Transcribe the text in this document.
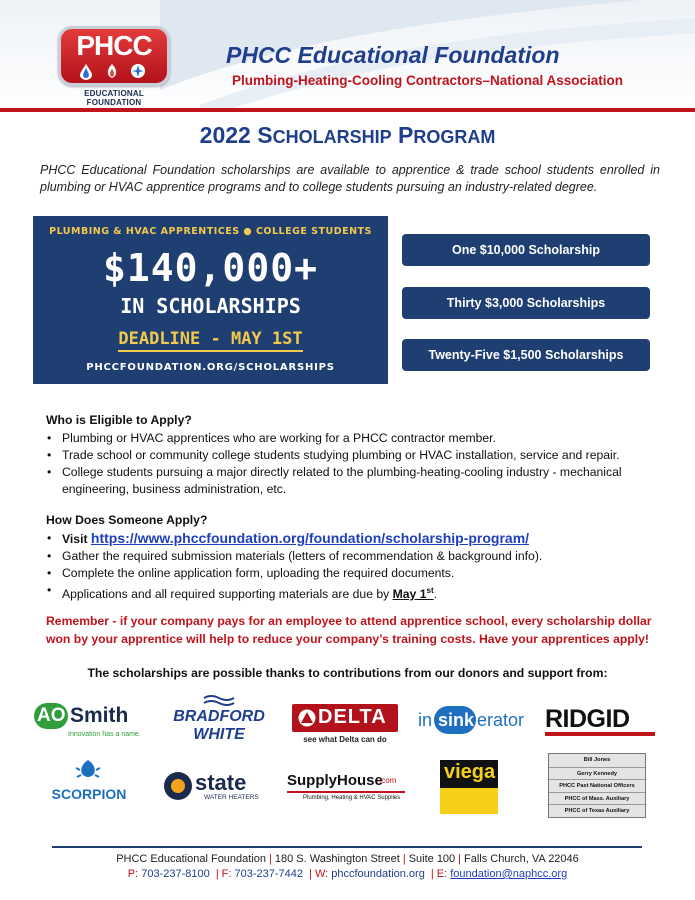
PHCC
EDUCATIONAL FOUNDATION
PHCC Educational Foundation
Plumbing-Heating-Cooling Contractors–National Association
2022 SCHOLARSHIP PROGRAM
PHCC Educational Foundation scholarships are available to apprentice & trade school students enrolled in plumbing or HVAC apprentice programs and to college students pursuing an industry-related degree.
PLUMBING & HVAC APPRENTICES ● COLLEGE STUDENTS
$140,000+
IN SCHOLARSHIPS
DEADLINE - MAY 1ST
PHCCFOUNDATION.ORG/SCHOLARSHIPS
One $10,000 Scholarship
Thirty $3,000 Scholarships
Twenty-Five $1,500 Scholarships
Who is Eligible to Apply?
• Plumbing or HVAC apprentices who are working for a PHCC contractor member.
• Trade school or community college students studying plumbing or HVAC installation, service and repair.
• College students pursuing a major directly related to the plumbing-heating-cooling industry - mechanical engineering, business administration, etc.
How Does Someone Apply?
• Visit https://www.phccfoundation.org/foundation/scholarship-program/
• Gather the required submission materials (letters of recommendation & background info).
• Complete the online application form, uploading the required documents.
• Applications and all required supporting materials are due by May 1st.
Remember - if your company pays for an employee to attend apprentice school, every scholarship dollar won by your apprentice will help to reduce your company’s training costs. Have your apprentices apply!
The scholarships are possible thanks to contributions from our donors and support from:
AO Smith
Innovation has a name.
BRADFORD
WHITE
DELTA
see what Delta can do
in sink erator RIDGID
SCORPION	state
WATER HEATERS
SupplyHouse
.com
Plumbing, Heating & HVAC Supplies
viega
Bill Jones
Gerry Kennedy
PHCC Past National Officers
PHCC of Mass. Auxiliary
PHCC of Texas Auxiliary
PHCC Educational Foundation | 180 S. Washington Street | Suite 100 | Falls Church, VA 22046
P: 703-237-8100 | F: 703-237-7442 | W: phccfoundation.org | E: foundation@naphcc.org
